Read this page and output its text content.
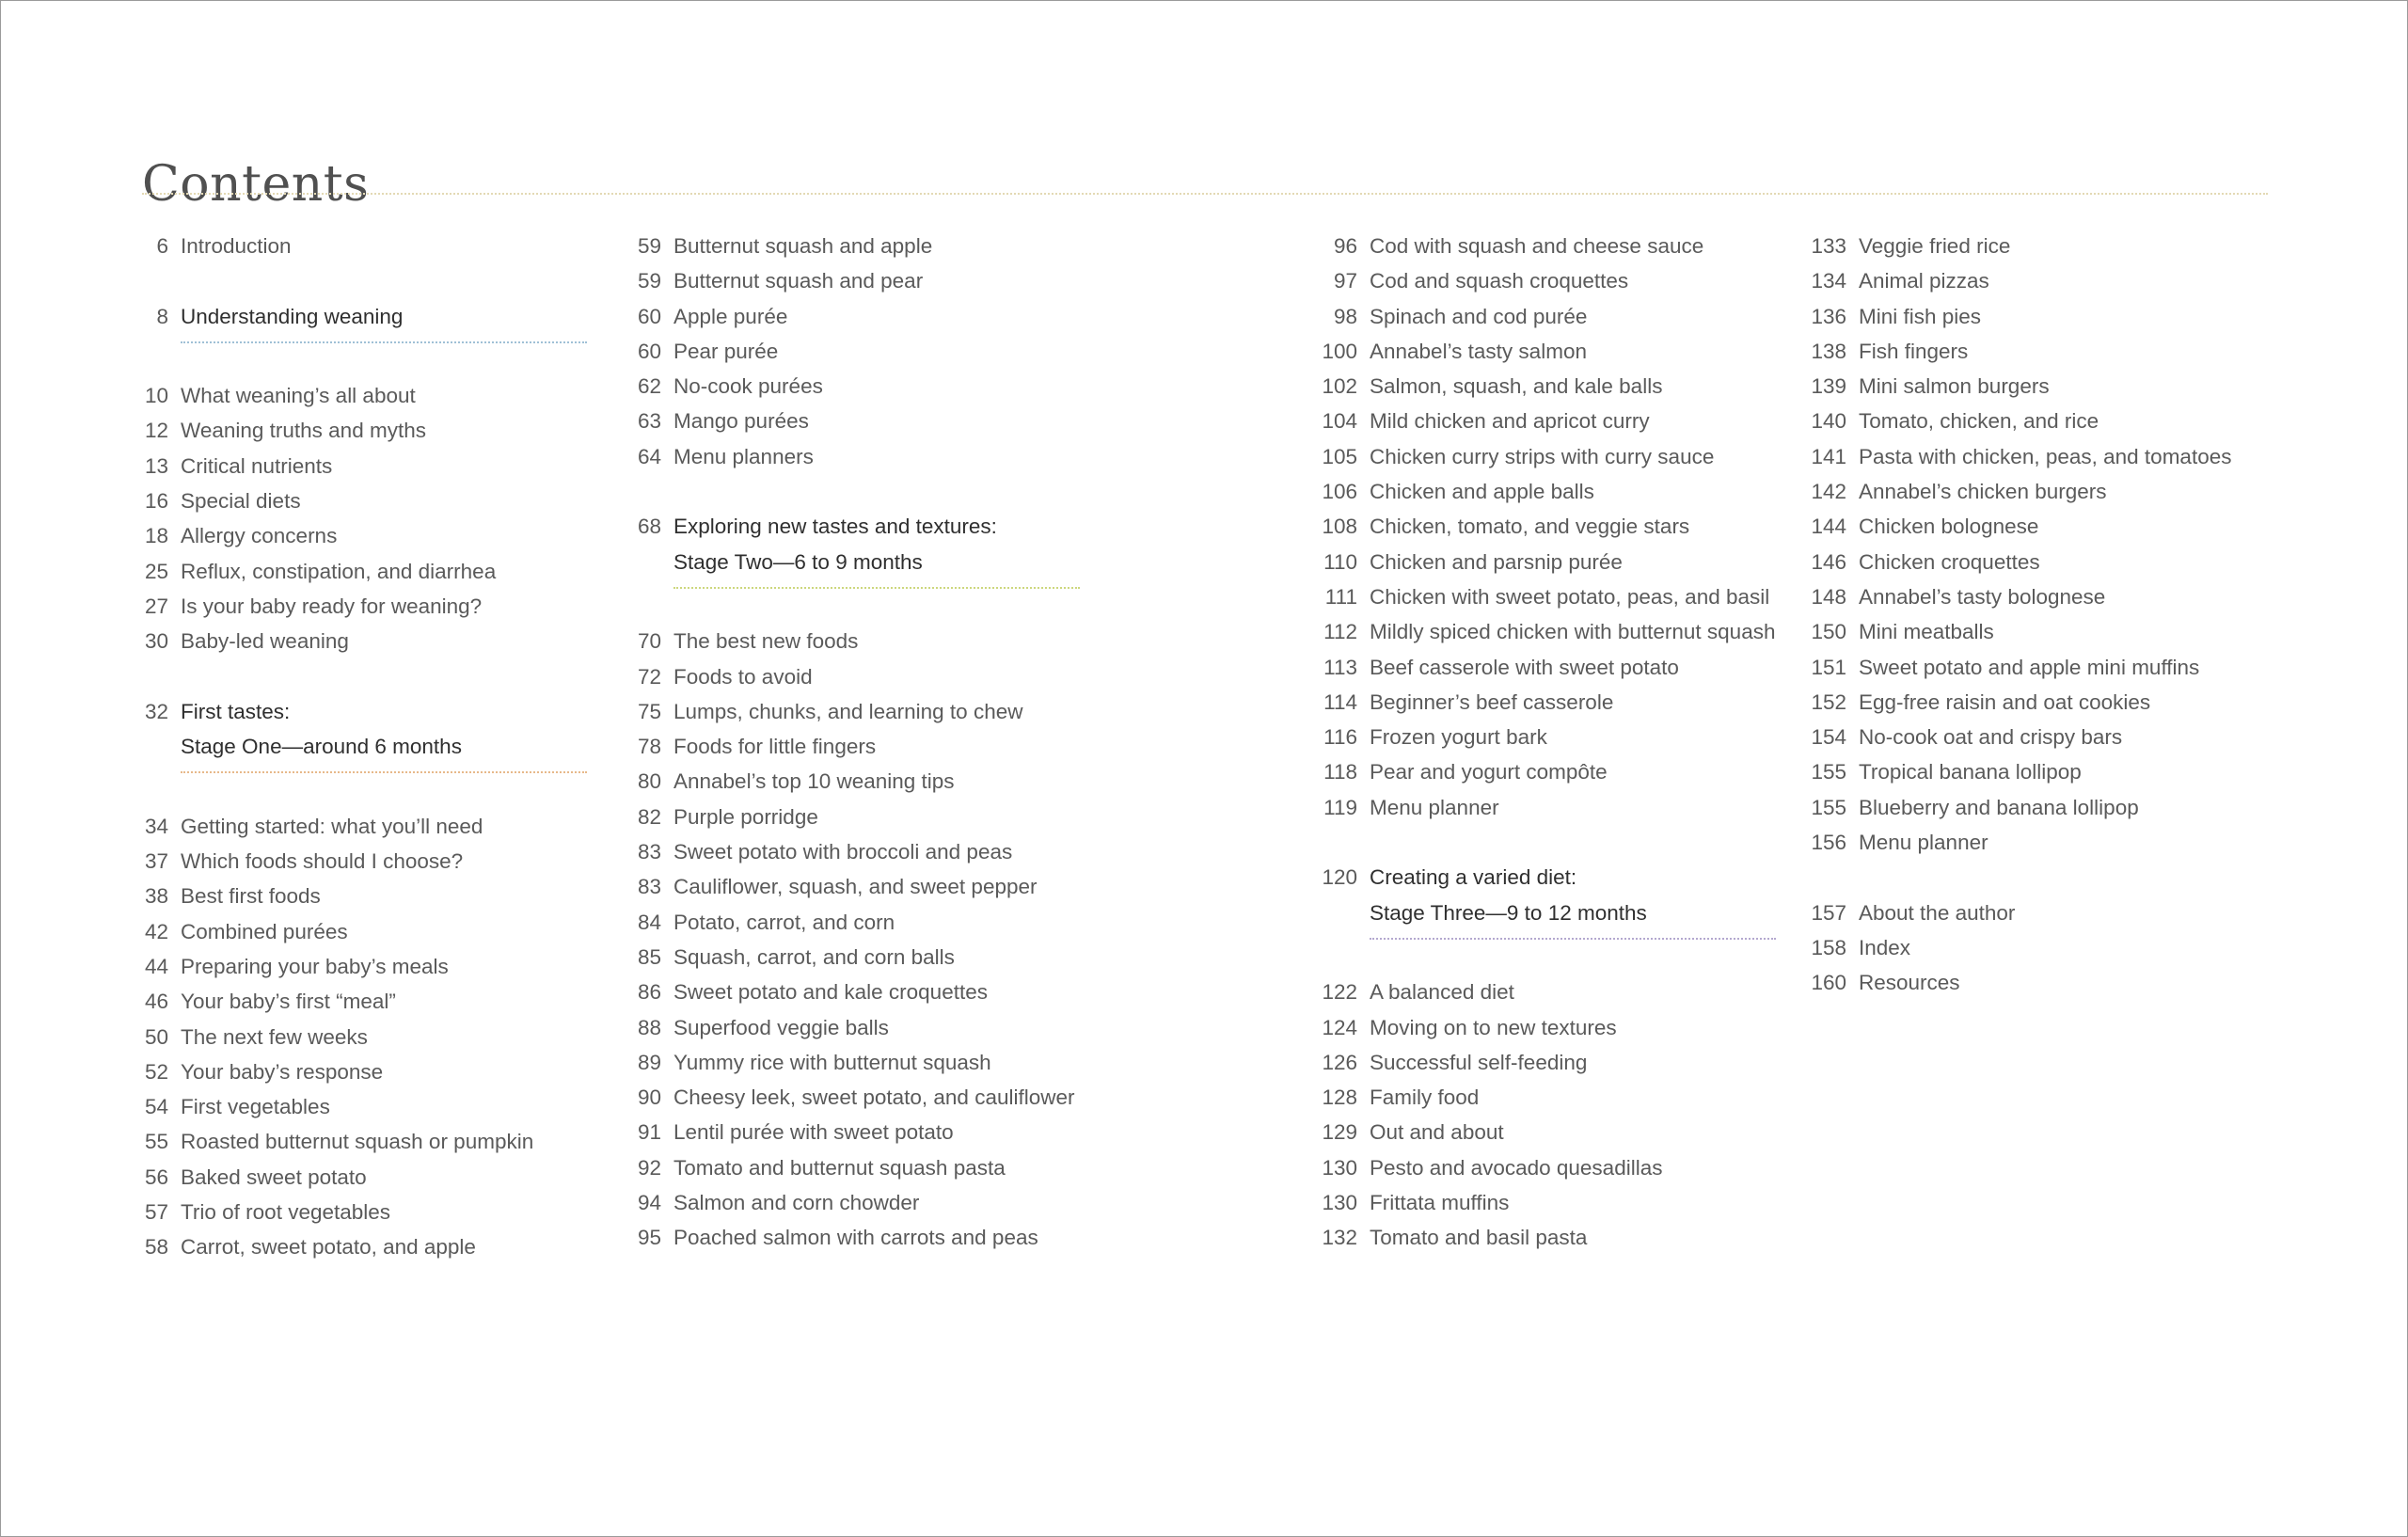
Contents
6 Introduction
8 Understanding weaning
10 What weaning’s all about
12 Weaning truths and myths
13 Critical nutrients
16 Special diets
18 Allergy concerns
25 Reflux, constipation, and diarrhea
27 Is your baby ready for weaning?
30 Baby-led weaning
32 First tastes:
Stage One—around 6 months
34 Getting started: what you’ll need
37 Which foods should I choose?
38 Best first foods
42 Combined purées
44 Preparing your baby’s meals
46 Your baby’s first “meal”
50 The next few weeks
52 Your baby’s response
54 First vegetables
55 Roasted butternut squash or pumpkin
56 Baked sweet potato
57 Trio of root vegetables
58 Carrot, sweet potato, and apple
59 Butternut squash and apple
59 Butternut squash and pear
60 Apple purée
60 Pear purée
62 No-cook purées
63 Mango purées
64 Menu planners
68 Exploring new tastes and textures:
Stage Two—6 to 9 months
70 The best new foods
72 Foods to avoid
75 Lumps, chunks, and learning to chew
78 Foods for little fingers
80 Annabel’s top 10 weaning tips
82 Purple porridge
83 Sweet potato with broccoli and peas
83 Cauliflower, squash, and sweet pepper
84 Potato, carrot, and corn
85 Squash, carrot, and corn balls
86 Sweet potato and kale croquettes
88 Superfood veggie balls
89 Yummy rice with butternut squash
90 Cheesy leek, sweet potato, and cauliflower
91 Lentil purée with sweet potato
92 Tomato and butternut squash pasta
94 Salmon and corn chowder
95 Poached salmon with carrots and peas
96 Cod with squash and cheese sauce
97 Cod and squash croquettes
98 Spinach and cod purée
100 Annabel’s tasty salmon
102 Salmon, squash, and kale balls
104 Mild chicken and apricot curry
105 Chicken curry strips with curry sauce
106 Chicken and apple balls
108 Chicken, tomato, and veggie stars
110 Chicken and parsnip purée
111 Chicken with sweet potato, peas, and basil
112 Mildly spiced chicken with butternut squash
113 Beef casserole with sweet potato
114 Beginner’s beef casserole
116 Frozen yogurt bark
118 Pear and yogurt compôte
119 Menu planner
120 Creating a varied diet:
Stage Three—9 to 12 months
122 A balanced diet
124 Moving on to new textures
126 Successful self-feeding
128 Family food
129 Out and about
130 Pesto and avocado quesadillas
130 Frittata muffins
132 Tomato and basil pasta
133 Veggie fried rice
134 Animal pizzas
136 Mini fish pies
138 Fish fingers
139 Mini salmon burgers
140 Tomato, chicken, and rice
141 Pasta with chicken, peas, and tomatoes
142 Annabel’s chicken burgers
144 Chicken bolognese
146 Chicken croquettes
148 Annabel’s tasty bolognese
150 Mini meatballs
151 Sweet potato and apple mini muffins
152 Egg-free raisin and oat cookies
154 No-cook oat and crispy bars
155 Tropical banana lollipop
155 Blueberry and banana lollipop
156 Menu planner
157 About the author
158 Index
160 Resources
